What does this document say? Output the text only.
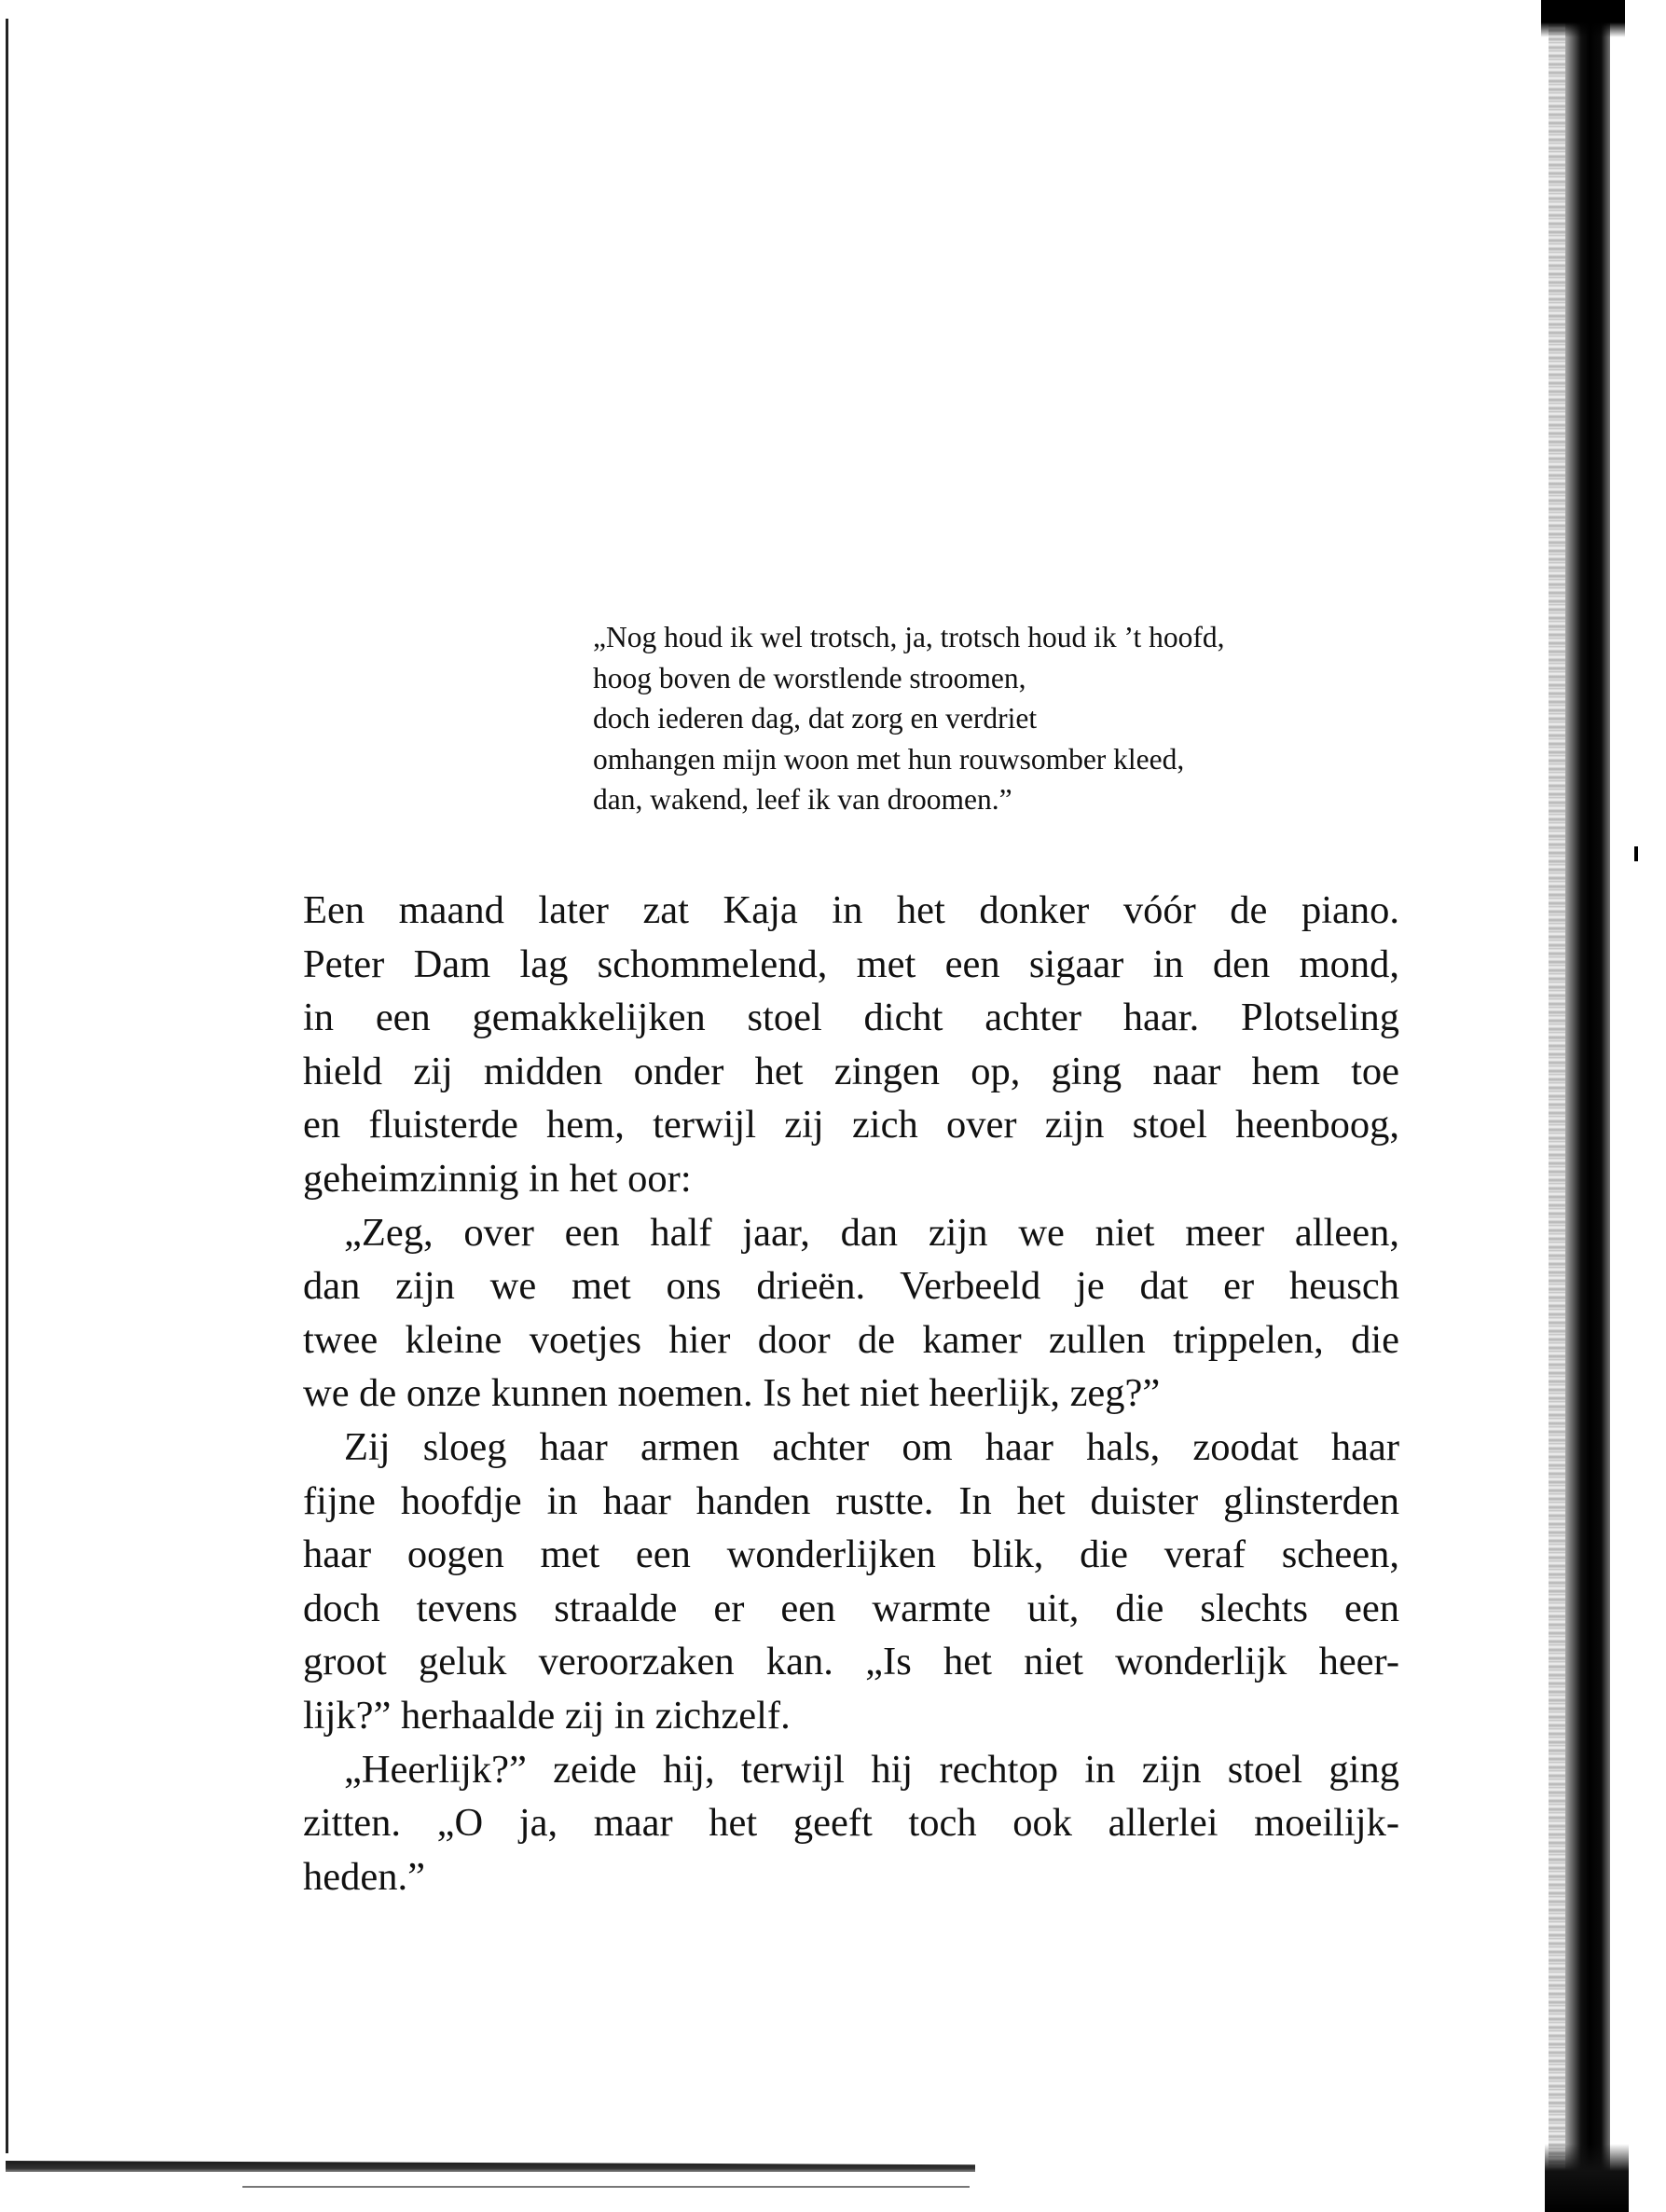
„Nog houd ik wel trotsch, ja, trotsch houd ik ’t hoofd,
hoog boven de worstlende stroomen,
doch iederen dag, dat zorg en verdriet
omhangen mijn woon met hun rouwsomber kleed,
dan, wakend, leef ik van droomen.”
Een maand later zat Kaja in het donker vóór de piano.
Peter Dam lag schommelend, met een sigaar in den mond,
in een gemakkelijken stoel dicht achter haar. Plotseling
hield zij midden onder het zingen op, ging naar hem toe
en fluisterde hem, terwijl zij zich over zijn stoel heenboog,
geheimzinnig in het oor:
„Zeg, over een half jaar, dan zijn we niet meer alleen,
dan zijn we met ons drieën. Verbeeld je dat er heusch
twee kleine voetjes hier door de kamer zullen trippelen, die
we de onze kunnen noemen. Is het niet heerlijk, zeg?”
Zij sloeg haar armen achter om haar hals, zoodat haar
fijne hoofdje in haar handen rustte. In het duister glinsterden
haar oogen met een wonderlijken blik, die veraf scheen,
doch tevens straalde er een warmte uit, die slechts een
groot geluk veroorzaken kan. „Is het niet wonderlijk heer-
lijk?” herhaalde zij in zichzelf.
„Heerlijk?” zeide hij, terwijl hij rechtop in zijn stoel ging
zitten. „O ja, maar het geeft toch ook allerlei moeilijk-
heden.”
